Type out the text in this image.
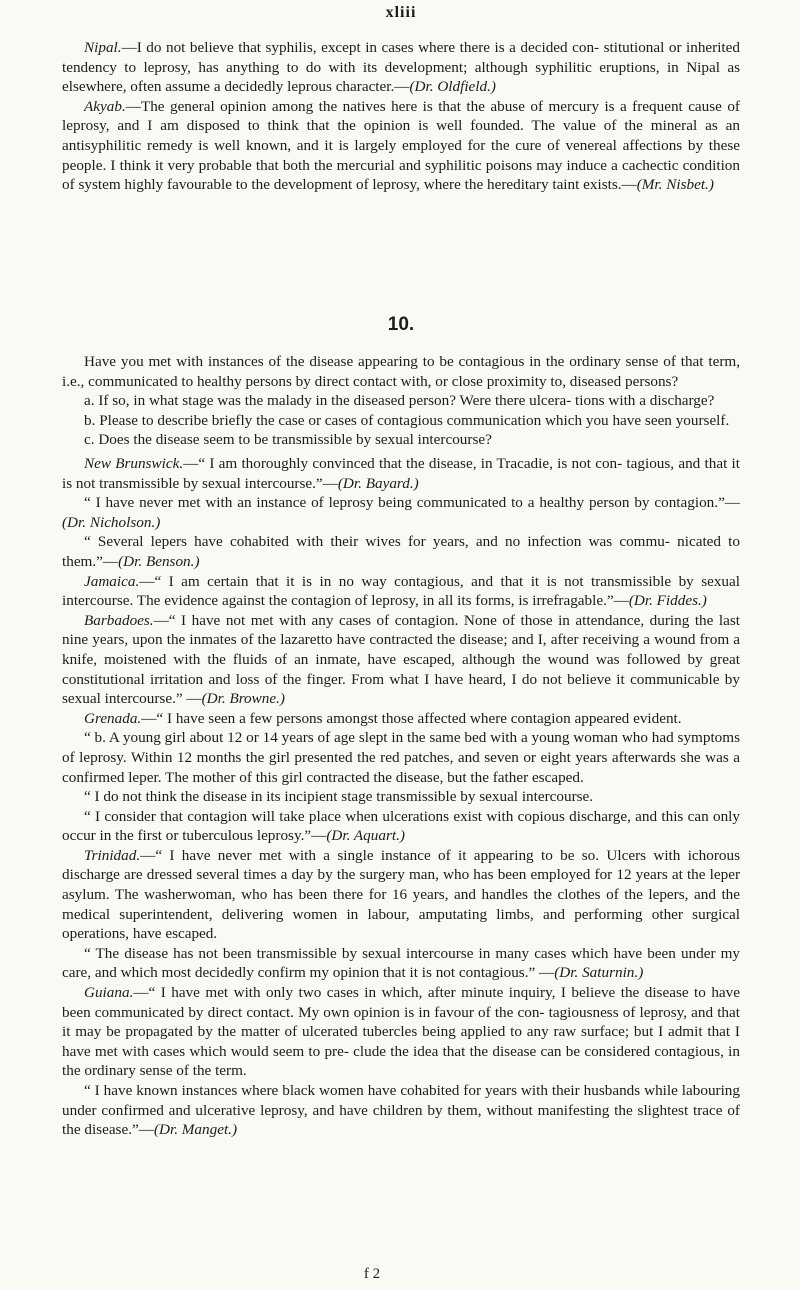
xliii

Nipal.—I do not believe that syphilis, except in cases where there is a decided con- stitutional or inherited tendency to leprosy, has anything to do with its development; although syphilitic eruptions, in Nipal as elsewhere, often assume a decidedly leprous character.—(Dr. Oldfield.)

Akyab.—The general opinion among the natives here is that the abuse of mercury is a frequent cause of leprosy, and I am disposed to think that the opinion is well founded. The value of the mineral as an antisyphilitic remedy is well known, and it is largely employed for the cure of venereal affections by these people. I think it very probable that both the mercurial and syphilitic poisons may induce a cachectic condition of system highly favourable to the development of leprosy, where the hereditary taint exists.—(Mr. Nisbet.)

10.

Have you met with instances of the disease appearing to be contagious in the ordinary sense of that term, i.e., communicated to healthy persons by direct contact with, or close proximity to, diseased persons?

a. If so, in what stage was the malady in the diseased person? Were there ulcera- tions with a discharge?

b. Please to describe briefly the case or cases of contagious communication which you have seen yourself.

c. Does the disease seem to be transmissible by sexual intercourse?

New Brunswick.—“ I am thoroughly convinced that the disease, in Tracadie, is not con- tagious, and that it is not transmissible by sexual intercourse.”—(Dr. Bayard.)

“ I have never met with an instance of leprosy being communicated to a healthy person by contagion.”—(Dr. Nicholson.)

“ Several lepers have cohabited with their wives for years, and no infection was commu- nicated to them.”—(Dr. Benson.)

Jamaica.—“ I am certain that it is in no way contagious, and that it is not transmissible by sexual intercourse. The evidence against the contagion of leprosy, in all its forms, is irrefragable.”—(Dr. Fiddes.)

Barbadoes.—“ I have not met with any cases of contagion. None of those in attendance, during the last nine years, upon the inmates of the lazaretto have contracted the disease; and I, after receiving a wound from a knife, moistened with the fluids of an inmate, have escaped, although the wound was followed by great constitutional irritation and loss of the finger. From what I have heard, I do not believe it communicable by sexual intercourse.” —(Dr. Browne.)

Grenada.—“ I have seen a few persons amongst those affected where contagion appeared evident.

“ b. A young girl about 12 or 14 years of age slept in the same bed with a young woman who had symptoms of leprosy. Within 12 months the girl presented the red patches, and seven or eight years afterwards she was a confirmed leper. The mother of this girl contracted the disease, but the father escaped.

“ I do not think the disease in its incipient stage transmissible by sexual intercourse.

“ I consider that contagion will take place when ulcerations exist with copious discharge, and this can only occur in the first or tuberculous leprosy.”—(Dr. Aquart.)

Trinidad.—“ I have never met with a single instance of it appearing to be so. Ulcers with ichorous discharge are dressed several times a day by the surgery man, who has been employed for 12 years at the leper asylum. The washerwoman, who has been there for 16 years, and handles the clothes of the lepers, and the medical superintendent, delivering women in labour, amputating limbs, and performing other surgical operations, have escaped.

“ The disease has not been transmissible by sexual intercourse in many cases which have been under my care, and which most decidedly confirm my opinion that it is not contagious.” —(Dr. Saturnin.)

Guiana.—“ I have met with only two cases in which, after minute inquiry, I believe the disease to have been communicated by direct contact. My own opinion is in favour of the con- tagiousness of leprosy, and that it may be propagated by the matter of ulcerated tubercles being applied to any raw surface; but I admit that I have met with cases which would seem to pre- clude the idea that the disease can be considered contagious, in the ordinary sense of the term.

“ I have known instances where black women have cohabited for years with their husbands while labouring under confirmed and ulcerative leprosy, and have children by them, without manifesting the slightest trace of the disease.”—(Dr. Manget.)

f 2
